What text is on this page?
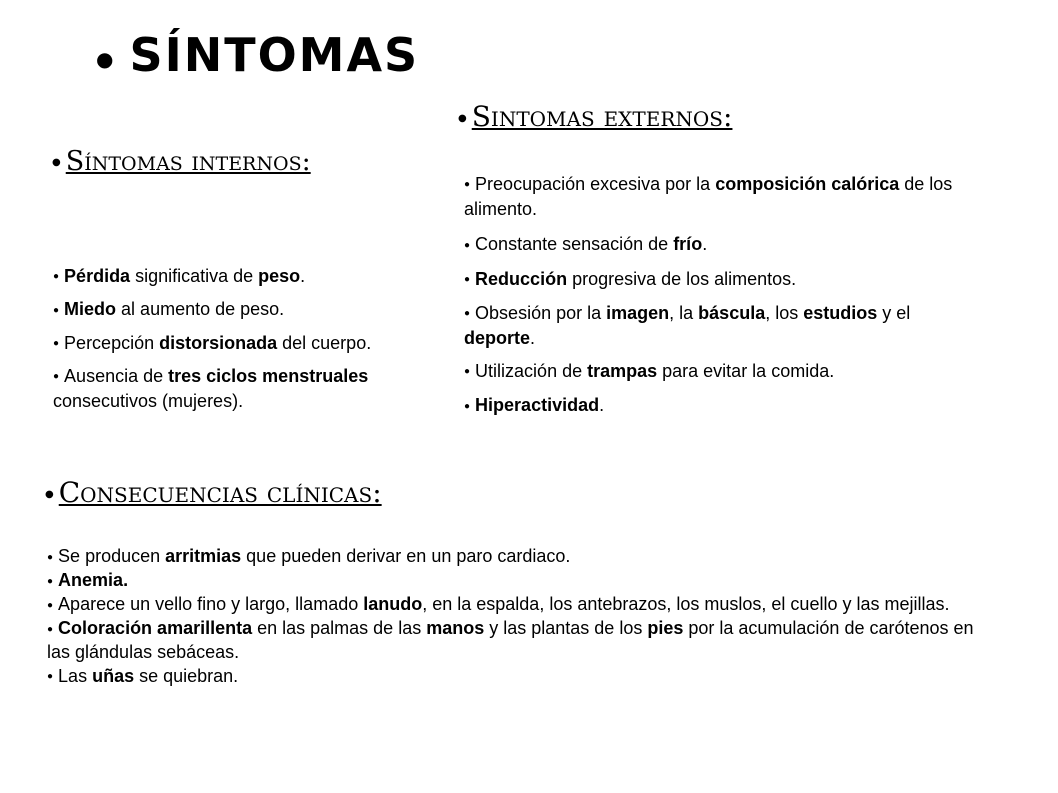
● SÍNTOMAS
● Sintomas externos:
● Síntomas internos:
● Preocupación excesiva por la composición calórica de los alimento.
● Constante sensación de frío.
● Reducción progresiva de los alimentos.
● Obsesión por la imagen, la báscula, los estudios y el deporte.
● Utilización de trampas para evitar la comida.
● Hiperactividad.
● Pérdida significativa de peso.
● Miedo al aumento de peso.
● Percepción distorsionada del cuerpo.
● Ausencia de tres ciclos menstruales consecutivos (mujeres).
● Consecuencias clínicas:
● Se producen arritmias que pueden derivar en un paro cardiaco.
● Anemia.
● Aparece un vello fino y largo, llamado lanudo, en la espalda, los antebrazos, los muslos, el cuello y las mejillas.
● Coloración amarillenta en las palmas de las manos y las plantas de los pies por la acumulación de carótenos en las glándulas sebáceas.
● Las uñas se quiebran.
